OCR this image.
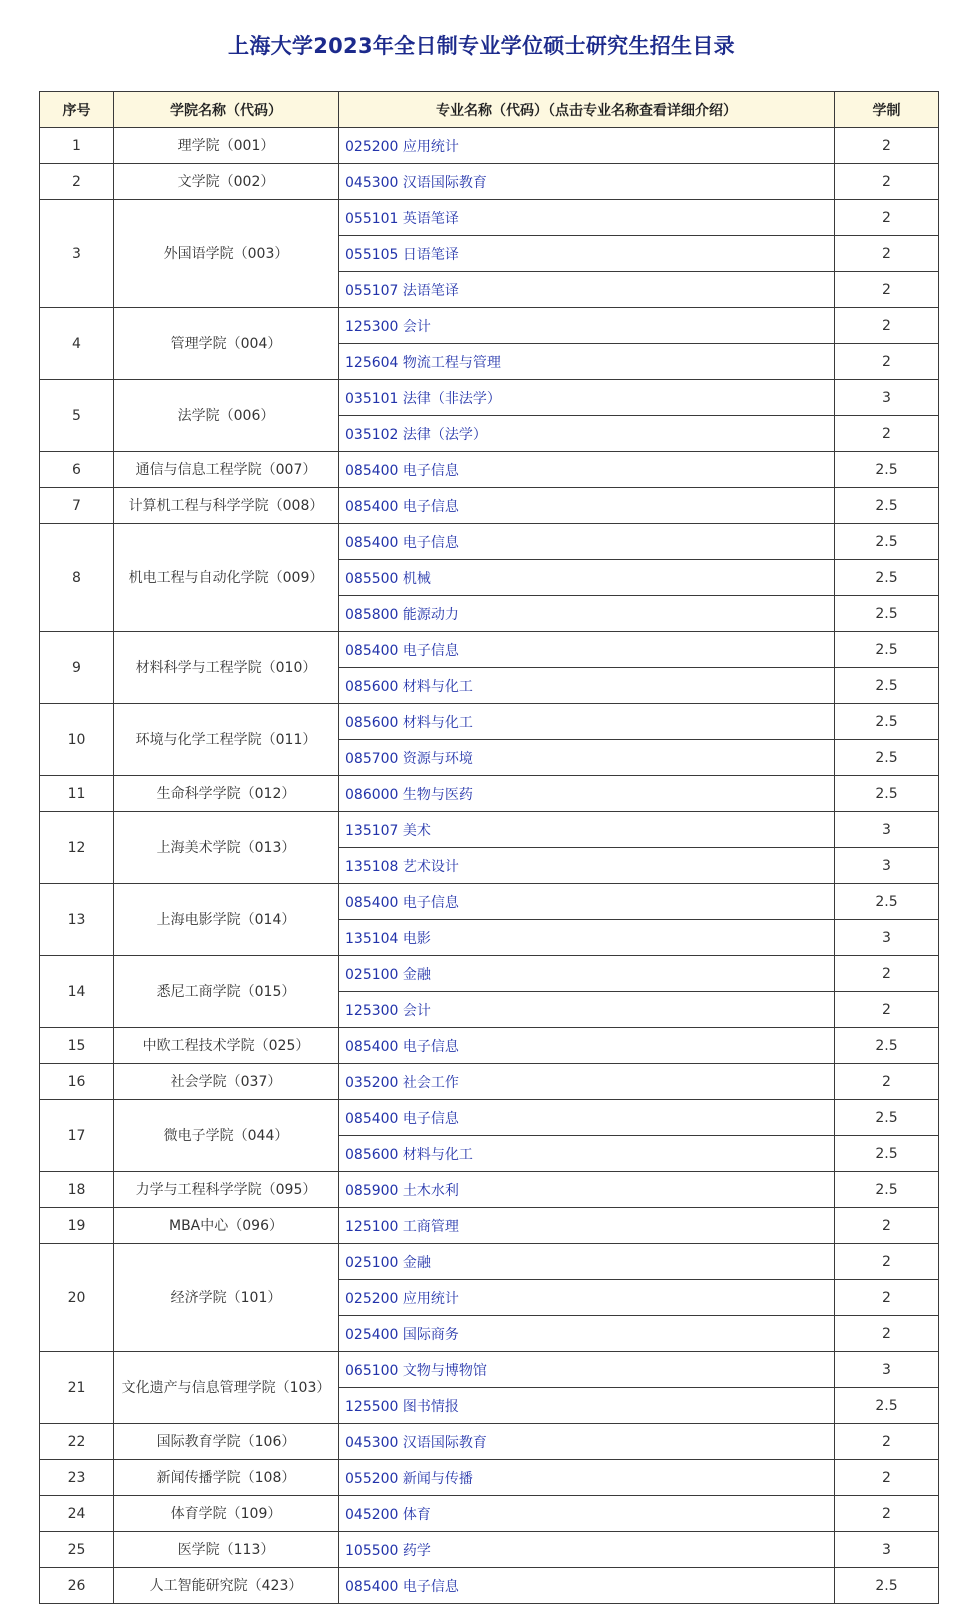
上海大学2023年全日制专业学位硕士研究生招生目录
序号	学院名称（代码）	专业名称（代码）（点击专业名称查看详细介绍）	学制
1	理学院（001）	025200 应用统计	2
2	文学院（002）	045300 汉语国际教育	2
3	外国语学院（003）	055101 英语笔译	2
		055105 日语笔译	2
		055107 法语笔译	2
4	管理学院（004）	125300 会计	2
		125604 物流工程与管理	2
5	法学院（006）	035101 法律（非法学）	3
		035102 法律（法学）	2
6	通信与信息工程学院（007）	085400 电子信息	2.5
7	计算机工程与科学学院（008）	085400 电子信息	2.5
8	机电工程与自动化学院（009）	085400 电子信息	2.5
		085500 机械	2.5
		085800 能源动力	2.5
9	材料科学与工程学院（010）	085400 电子信息	2.5
		085600 材料与化工	2.5
10	环境与化学工程学院（011）	085600 材料与化工	2.5
		085700 资源与环境	2.5
11	生命科学学院（012）	086000 生物与医药	2.5
12	上海美术学院（013）	135107 美术	3
		135108 艺术设计	3
13	上海电影学院（014）	085400 电子信息	2.5
		135104 电影	3
14	悉尼工商学院（015）	025100 金融	2
		125300 会计	2
15	中欧工程技术学院（025）	085400 电子信息	2.5
16	社会学院（037）	035200 社会工作	2
17	微电子学院（044）	085400 电子信息	2.5
		085600 材料与化工	2.5
18	力学与工程科学学院（095）	085900 土木水利	2.5
19	MBA中心（096）	125100 工商管理	2
20	经济学院（101）	025100 金融	2
		025200 应用统计	2
		025400 国际商务	2
21	文化遗产与信息管理学院（103）	065100 文物与博物馆	3
		125500 图书情报	2.5
22	国际教育学院（106）	045300 汉语国际教育	2
23	新闻传播学院（108）	055200 新闻与传播	2
24	体育学院（109）	045200 体育	2
25	医学院（113）	105500 药学	3
26	人工智能研究院（423）	085400 电子信息	2.5
